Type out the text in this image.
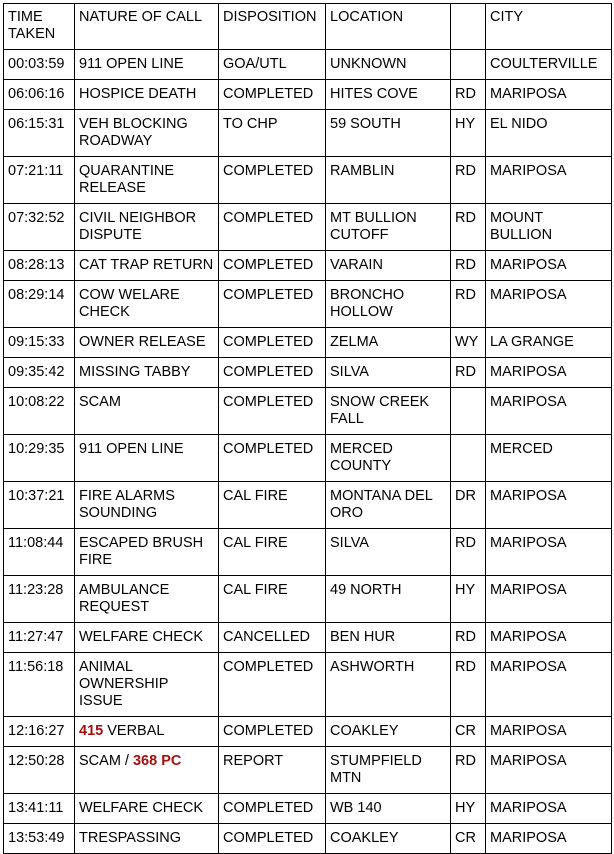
TIME TAKEN	NATURE OF CALL	DISPOSITION	LOCATION		CITY
00:03:59	911 OPEN LINE	GOA/UTL	UNKNOWN		COULTERVILLE
06:06:16	HOSPICE DEATH	COMPLETED	HITES COVE	RD	MARIPOSA
06:15:31	VEH BLOCKING ROADWAY	TO CHP	59 SOUTH	HY	EL NIDO
07:21:11	QUARANTINE RELEASE	COMPLETED	RAMBLIN	RD	MARIPOSA
07:32:52	CIVIL NEIGHBOR DISPUTE	COMPLETED	MT BULLION CUTOFF	RD	MOUNT BULLION
08:28:13	CAT TRAP RETURN	COMPLETED	VARAIN	RD	MARIPOSA
08:29:14	COW WELARE CHECK	COMPLETED	BRONCHO HOLLOW	RD	MARIPOSA
09:15:33	OWNER RELEASE	COMPLETED	ZELMA	WY	LA GRANGE
09:35:42	MISSING TABBY	COMPLETED	SILVA	RD	MARIPOSA
10:08:22	SCAM	COMPLETED	SNOW CREEK FALL		MARIPOSA
10:29:35	911 OPEN LINE	COMPLETED	MERCED COUNTY		MERCED
10:37:21	FIRE ALARMS SOUNDING	CAL FIRE	MONTANA DEL ORO	DR	MARIPOSA
11:08:44	ESCAPED BRUSH FIRE	CAL FIRE	SILVA	RD	MARIPOSA
11:23:28	AMBULANCE REQUEST	CAL FIRE	49 NORTH	HY	MARIPOSA
11:27:47	WELFARE CHECK	CANCELLED	BEN HUR	RD	MARIPOSA
11:56:18	ANIMAL OWNERSHIP ISSUE	COMPLETED	ASHWORTH	RD	MARIPOSA
12:16:27	415 VERBAL	COMPLETED	COAKLEY	CR	MARIPOSA
12:50:28	SCAM / 368 PC	REPORT	STUMPFIELD MTN	RD	MARIPOSA
13:41:11	WELFARE CHECK	COMPLETED	WB 140	HY	MARIPOSA
13:53:49	TRESPASSING	COMPLETED	COAKLEY	CR	MARIPOSA
